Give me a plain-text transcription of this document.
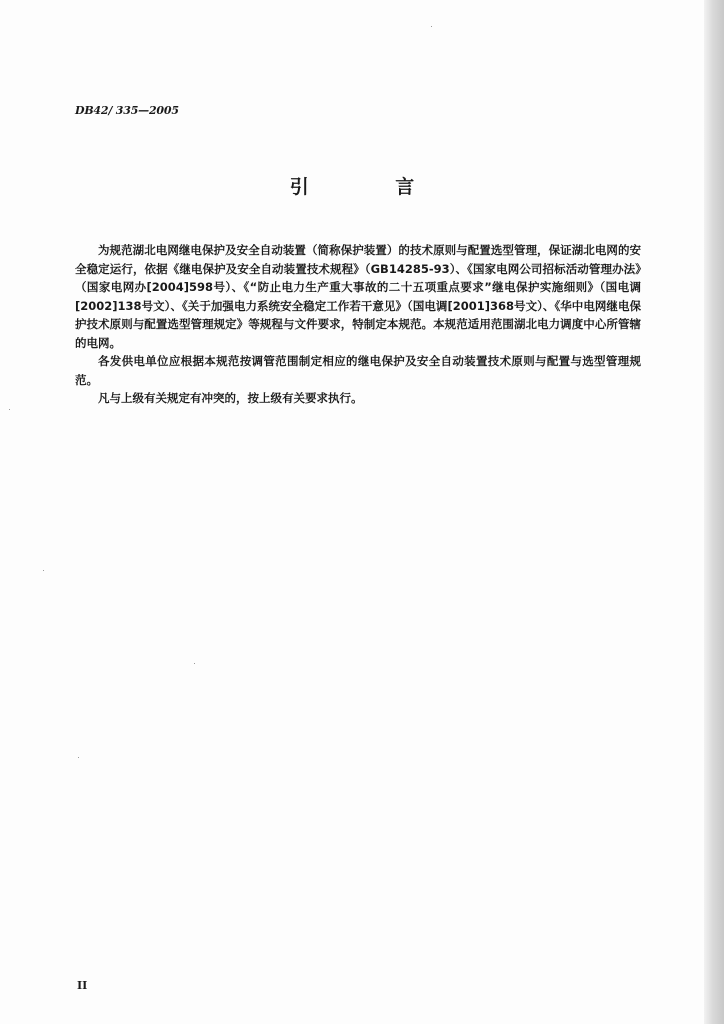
DB42/ 335—2005
引 言

为规范湖北电网继电保护及安全自动装置（简称保护装置）的技术原则与配置选型管理，保证湖北电网的安全稳定运行，依据《继电保护及安全自动装置技术规程》（GB14285-93）、《国家电网公司招标活动管理办法》（国家电网办[2004]598号）、《“防止电力生产重大事故的二十五项重点要求”继电保护实施细则》（国电调[2002]138号文）、《关于加强电力系统安全稳定工作若干意见》（国电调[2001]368号文）、《华中电网继电保护技术原则与配置选型管理规定》等规程与文件要求，特制定本规范。本规范适用范围湖北电力调度中心所管辖的电网。

各发供电单位应根据本规范按调管范围制定相应的继电保护及安全自动装置技术原则与配置与选型管理规范。

凡与上级有关规定有冲突的，按上级有关要求执行。

II
